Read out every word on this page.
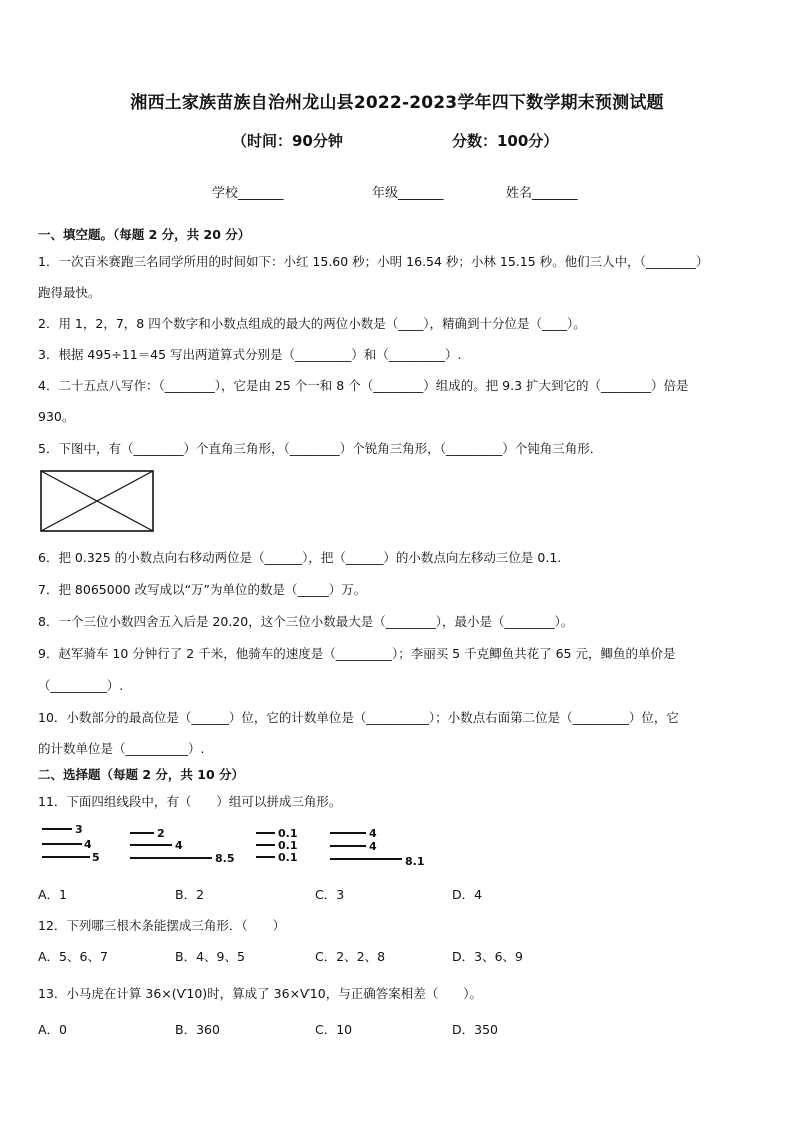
湘西土家族苗族自治州龙山县2022-2023学年四下数学期末预测试题
（时间：90分钟	分数：100分）
学校_______	年级_______	姓名_______
一、填空题。（每题 2 分，共 20 分）
1．一次百米赛跑三名同学所用的时间如下：小红 15.60 秒；小明 16.54 秒；小林 15.15 秒。他们三人中，（________）
跑得最快。
2．用 1，2，7，8 四个数字和小数点组成的最大的两位小数是（____），精确到十分位是（____）。
3．根据 495÷11＝45 写出两道算式分别是（_________）和（_________）.
4．二十五点八写作：（________），它是由 25 个一和 8 个（________）组成的。把 9.3 扩大到它的（________）倍是
930。
5．下图中，有（________）个直角三角形，（________）个锐角三角形，（_________）个钝角三角形．
6．把 0.325 的小数点向右移动两位是（______），把（______）的小数点向左移动三位是 0.1.
7．把 8065000 改写成以“万”为单位的数是（_____）万。
8．一个三位小数四舍五入后是 20.20，这个三位小数最大是（________），最小是（________）。
9．赵军骑车 10 分钟行了 2 千米，他骑车的速度是（_________）；李丽买 5 千克鲫鱼共花了 65 元，鲫鱼的单价是
（_________）.
10．小数部分的最高位是（______）位，它的计数单位是（__________）；小数点右面第二位是（_________）位，它
的计数单位是（__________）.
二、选择题（每题 2 分，共 10 分）
11．下面四组线段中，有（　　）组可以拼成三角形。
3
4
5
2
4
8.5
0.1
0.1
0.1
4
4
8.1
A．1	B．2	C．3	D．4
12．下列哪三根木条能摆成三角形．（　　）
A．5、6、7	B．4、9、5	C．2、2、8	D．3、6、9
13．小马虎在计算 36×(Ѵ10)时，算成了 36×Ѵ10，与正确答案相差（　　）。
A．0	B．360	C．10	D．350
